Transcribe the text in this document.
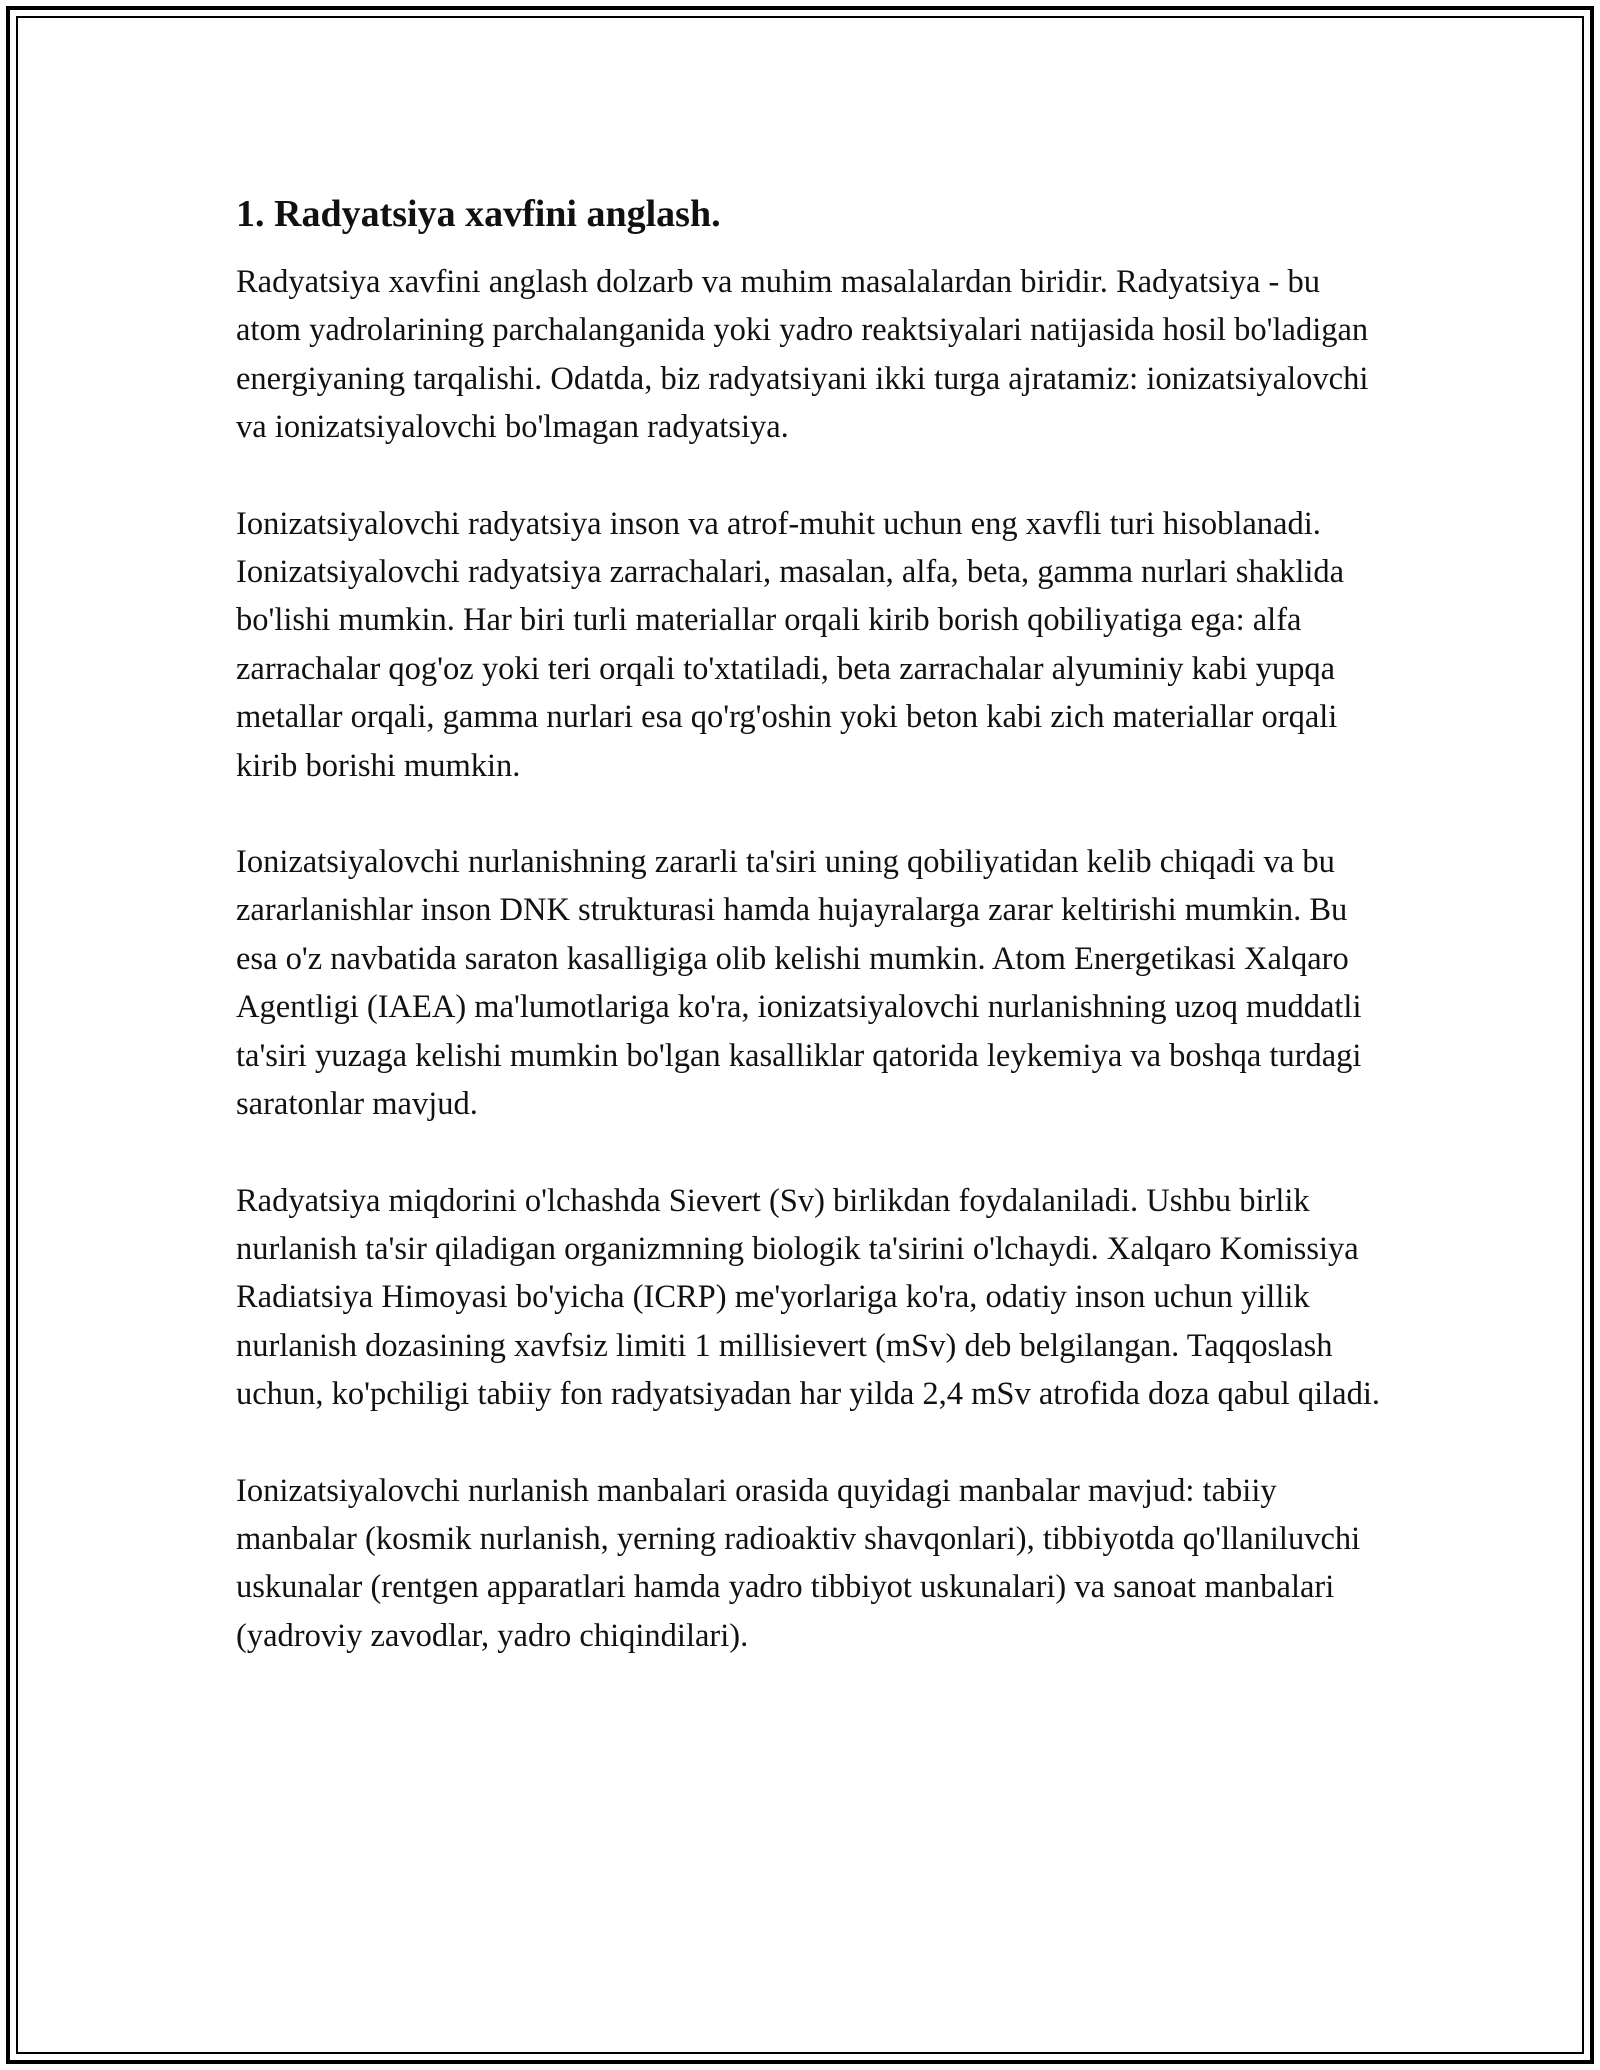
1. Radyatsiya xavfini anglash.

Radyatsiya xavfini anglash dolzarb va muhim masalalardan biridir. Radyatsiya - bu atom yadrolarining parchalanganida yoki yadro reaktsiyalari natijasida hosil bo'ladigan energiyaning tarqalishi. Odatda, biz radyatsiyani ikki turga ajratamiz: ionizatsiyalovchi va ionizatsiyalovchi bo'lmagan radyatsiya.

Ionizatsiyalovchi radyatsiya inson va atrof-muhit uchun eng xavfli turi hisoblanadi. Ionizatsiyalovchi radyatsiya zarrachalari, masalan, alfa, beta, gamma nurlari shaklida bo'lishi mumkin. Har biri turli materiallar orqali kirib borish qobiliyatiga ega: alfa zarrachalar qog'oz yoki teri orqali to'xtatiladi, beta zarrachalar alyuminiy kabi yupqa metallar orqali, gamma nurlari esa qo'rg'oshin yoki beton kabi zich materiallar orqali kirib borishi mumkin.

Ionizatsiyalovchi nurlanishning zararli ta'siri uning qobiliyatidan kelib chiqadi va bu zararlanishlar inson DNK strukturasi hamda hujayralarga zarar keltirishi mumkin. Bu esa o'z navbatida saraton kasalligiga olib kelishi mumkin. Atom Energetikasi Xalqaro Agentligi (IAEA) ma'lumotlariga ko'ra, ionizatsiyalovchi nurlanishning uzoq muddatli ta'siri yuzaga kelishi mumkin bo'lgan kasalliklar qatorida leykemiya va boshqa turdagi saratonlar mavjud.

Radyatsiya miqdorini o'lchashda Sievert (Sv) birlikdan foydalaniladi. Ushbu birlik nurlanish ta'sir qiladigan organizmning biologik ta'sirini o'lchaydi. Xalqaro Komissiya Radiatsiya Himoyasi bo'yicha (ICRP) me'yorlariga ko'ra, odatiy inson uchun yillik nurlanish dozasining xavfsiz limiti 1 millisievert (mSv) deb belgilangan. Taqqoslash uchun, ko'pchiligi tabiiy fon radyatsiyadan har yilda 2,4 mSv atrofida doza qabul qiladi.

Ionizatsiyalovchi nurlanish manbalari orasida quyidagi manbalar mavjud: tabiiy manbalar (kosmik nurlanish, yerning radioaktiv shavqonlari), tibbiyotda qo'llaniluvchi uskunalar (rentgen apparatlari hamda yadro tibbiyot uskunalari) va sanoat manbalari (yadroviy zavodlar, yadro chiqindilari).
